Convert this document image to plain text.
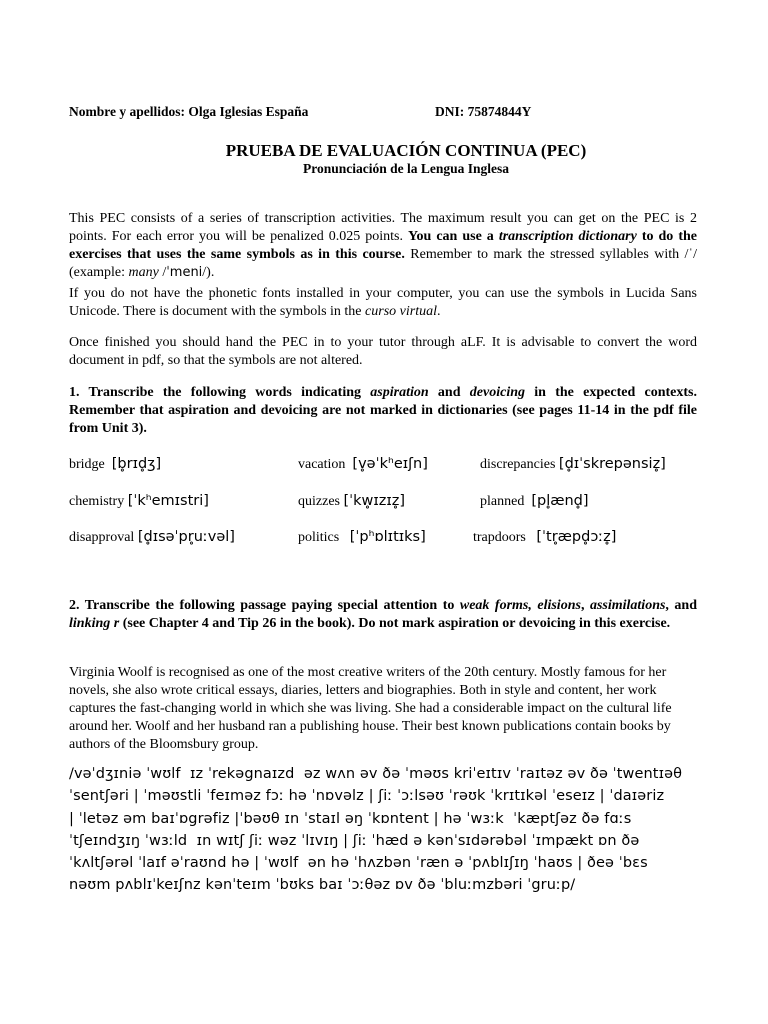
Nombre y apellidos: Olga Iglesias España	DNI: 75874844Y
PRUEBA DE EVALUACIÓN CONTINUA (PEC)
Pronunciación de la Lengua Inglesa

This PEC consists of a series of transcription activities. The maximum result you can get on the PEC is 2 points. For each error you will be penalized 0.025 points. You can use a transcription dictionary to do the exercises that uses the same symbols as in this course. Remember to mark the stressed syllables with /ˈ/ (example: many /ˈmeni/).

If you do not have the phonetic fonts installed in your computer, you can use the symbols in Lucida Sans Unicode. There is document with the symbols in the curso virtual.

Once finished you should hand the PEC in to your tutor through aLF. It is advisable to convert the word document in pdf, so that the symbols are not altered.

1. Transcribe the following words indicating aspiration and devoicing in the expected contexts. Remember that aspiration and devoicing are not marked in dictionaries (see pages 11-14 in the pdf file from Unit 3).

bridge [b̥rɪd̥ʒ]	vacation [v̥əˈkʰeɪʃn]	discrepancies [d̥ɪˈskrepənsiz̥]
chemistry [ˈkʰemɪstri]	quizzes [ˈkw̥ɪzɪz̥]	planned [pl̥ænd̥]
disapproval [d̥ɪsəˈpr̥uːvəl]	politics [ˈpʰɒlɪtɪks]	trapdoors [ˈtr̥æpd̥ɔːz̥]

2. Transcribe the following passage paying special attention to weak forms, elisions, assimilations, and linking r (see Chapter 4 and Tip 26 in the book). Do not mark aspiration or devoicing in this exercise.

Virginia Woolf is recognised as one of the most creative writers of the 20th century. Mostly famous for her novels, she also wrote critical essays, diaries, letters and biographies. Both in style and content, her work captures the fast-changing world in which she was living. She had a considerable impact on the cultural life around her. Woolf and her husband ran a publishing house. Their best known publications contain books by authors of the Bloomsbury group.

/vəˈdʒɪniə ˈwʊlf  ɪz ˈrekəgnaɪzd  əz wʌn əv ðə ˈməʊs kriˈeɪtɪv ˈraɪtəz əv ðə ˈtwentɪəθ
ˈsentʃəri | ˈməʊstli ˈfeɪməz fɔː hə ˈnɒvəlz | ʃiː ˈɔːlsəʊ ˈrəʊk ˈkrɪtɪkəl ˈeseɪz | ˈdaɪəriz
| ˈletəz əm baɪˈɒgrəfiz |ˈbəʊθ ɪn ˈstaɪl əŋ ˈkɒntent | hə ˈwɜːk  ˈkæptʃəz ðə fɑːs
ˈtʃeɪndʒɪŋ ˈwɜːld  ɪn wɪtʃ ʃiː wəz ˈlɪvɪŋ | ʃiː ˈhæd ə kənˈsɪdərəbəl ˈɪmpækt ɒn ðə
ˈkʌltʃərəl ˈlaɪf əˈraʊnd hə | ˈwʊlf  ən hə ˈhʌzbən ˈræn ə ˈpʌblɪʃɪŋ ˈhaʊs | ðeə ˈbɛs
nəʊm pʌblɪˈkeɪʃnz kənˈteɪm ˈbʊks baɪ ˈɔːθəz ɒv ðə ˈbluːmzbəri ˈgruːp/
